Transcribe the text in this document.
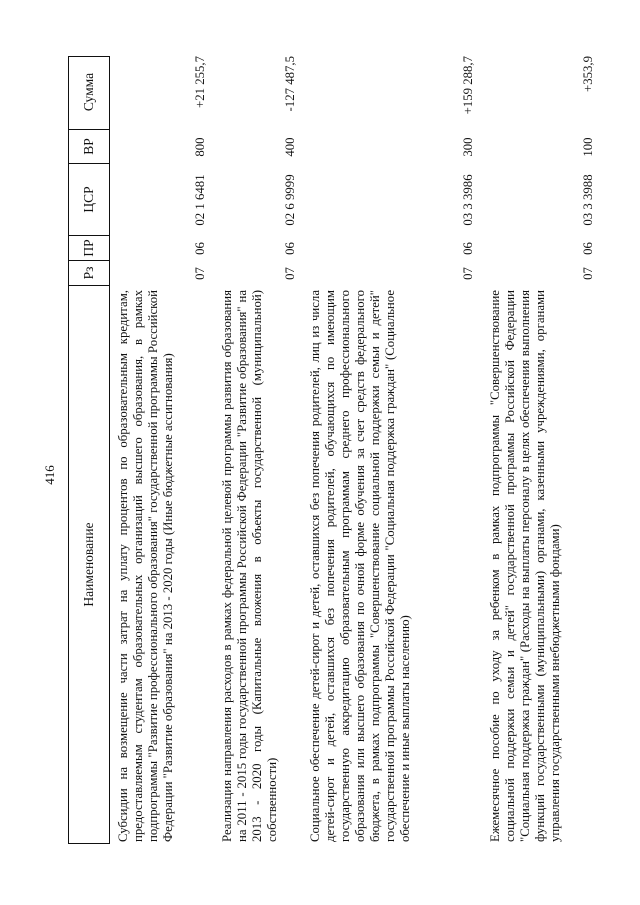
416
Наименование
Рз
ПР
ЦСР
ВР
Сумма
Субсидии на возмещение части затрат на уплату процентов по образовательным кредитам, предоставляемым студентам образовательных организаций высшего образования, в рамках подпрограммы "Развитие профессионального образования" государственной программы Российской Федерации "Развитие образования" на 2013 - 2020 годы (Иные бюджетные ассигнования)
07
06
02 1 6481
800
+21 255,7
Реализация направления расходов в рамках федеральной целевой программы развития образования на 2011 - 2015 годы государственной программы Российской Федерации "Развитие образования" на 2013 - 2020 годы (Капитальные вложения в объекты государственной (муниципальной) собственности)
07
06
02 6 9999
400
-127 487,5
Социальное обеспечение детей-сирот и детей, оставшихся без попечения родителей, лиц из числа детей-сирот и детей, оставшихся без попечения родителей, обучающихся по имеющим государственную аккредитацию образовательным программам среднего профессионального образования или высшего образования по очной форме обучения за счет средств федерального бюджета, в рамках подпрограммы "Совершенствование социальной поддержки семьи и детей" государственной программы Российской Федерации "Социальная поддержка граждан" (Социальное обеспечение и иные выплаты населению)
07
06
03 3 3986
300
+159 288,7
Ежемесячное пособие по уходу за ребенком в рамках подпрограммы "Совершенствование социальной поддержки семьи и детей" государственной программы Российской Федерации "Социальная поддержка граждан" (Расходы на выплаты персоналу в целях обеспечения выполнения функций государственными (муниципальными) органами, казенными учреждениями, органами управления государственными внебюджетными фондами)
07
06
03 3 3988
100
+353,9
